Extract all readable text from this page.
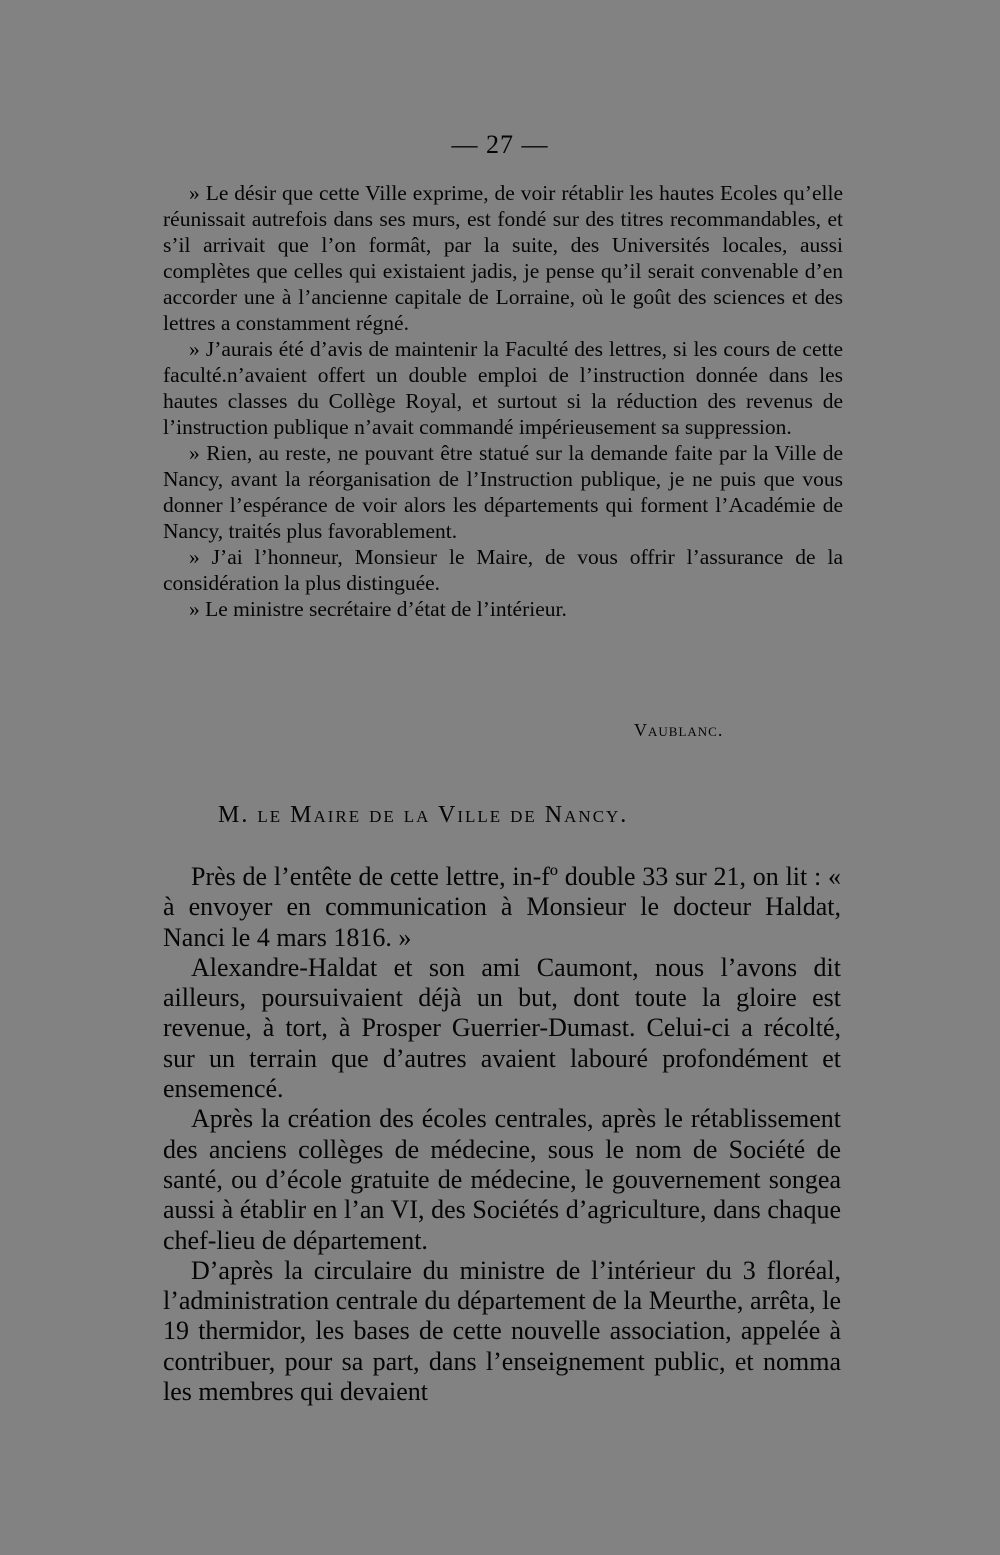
— 27 —

» Le désir que cette Ville exprime, de voir rétablir les hautes Ecoles qu’elle réunissait autrefois dans ses murs, est fondé sur des titres recommandables, et s’il arrivait que l’on formât, par la suite, des Universités locales, aussi complètes que celles qui existaient jadis, je pense qu’il serait convenable d’en accorder une à l’ancienne capitale de Lorraine, où le goût des sciences et des lettres a constamment régné.

» J’aurais été d’avis de maintenir la Faculté des lettres, si les cours de cette faculté.n’avaient offert un double emploi de l’instruction donnée dans les hautes classes du Collège Royal, et surtout si la réduction des revenus de l’instruction publique n’avait commandé impérieusement sa suppression.

» Rien, au reste, ne pouvant être statué sur la demande faite par la Ville de Nancy, avant la réorganisation de l’Instruction publique, je ne puis que vous donner l’espérance de voir alors les départements qui forment l’Académie de Nancy, traités plus favorablement.

» J’ai l’honneur, Monsieur le Maire, de vous offrir l’assurance de la considération la plus distinguée.

» Le ministre secrétaire d’état de l’intérieur.

Vaublanc.
M. le Maire de la Ville de Nancy.

Près de l’entête de cette lettre, in-fº double 33 sur 21, on lit : « à envoyer en communication à Monsieur le docteur Haldat, Nanci le 4 mars 1816. »

Alexandre-Haldat et son ami Caumont, nous l’avons dit ailleurs, poursuivaient déjà un but, dont toute la gloire est revenue, à tort, à Prosper Guerrier-Dumast. Celui-ci a récolté, sur un terrain que d’autres avaient labouré profondément et ensemencé.

Après la création des écoles centrales, après le rétablissement des anciens collèges de médecine, sous le nom de Société de santé, ou d’école gratuite de médecine, le gouvernement songea aussi à établir en l’an VI, des Sociétés d’agriculture, dans chaque chef-lieu de département.

D’après la circulaire du ministre de l’intérieur du 3 floréal, l’administration centrale du département de la Meurthe, arrêta, le 19 thermidor, les bases de cette nouvelle association, appelée à contribuer, pour sa part, dans l’enseignement public, et nomma les membres qui devaient
